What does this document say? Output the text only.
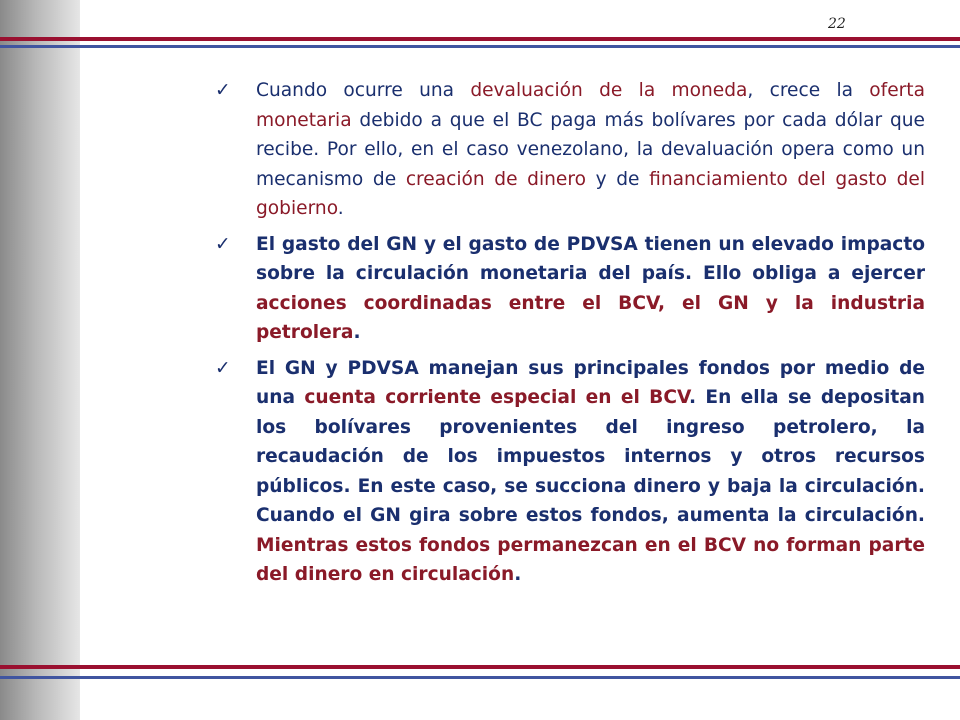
22
✓ Cuando ocurre una devaluación de la moneda, crece la oferta monetaria debido a que el BC paga más bolívares por cada dólar que recibe. Por ello, en el caso venezolano, la devaluación opera como un mecanismo de creación de dinero y de financiamiento del gasto del gobierno.
✓ El gasto del GN y el gasto de PDVSA tienen un elevado impacto sobre la circulación monetaria del país. Ello obliga a ejercer acciones coordinadas entre el BCV, el GN y la industria petrolera.
✓ El GN y PDVSA manejan sus principales fondos por medio de una cuenta corriente especial en el BCV. En ella se depositan los bolívares provenientes del ingreso petrolero, la recaudación de los impuestos internos y otros recursos públicos. En este caso, se succiona dinero y baja la circulación. Cuando el GN gira sobre estos fondos, aumenta la circulación. Mientras estos fondos permanezcan en el BCV no forman parte del dinero en circulación.
